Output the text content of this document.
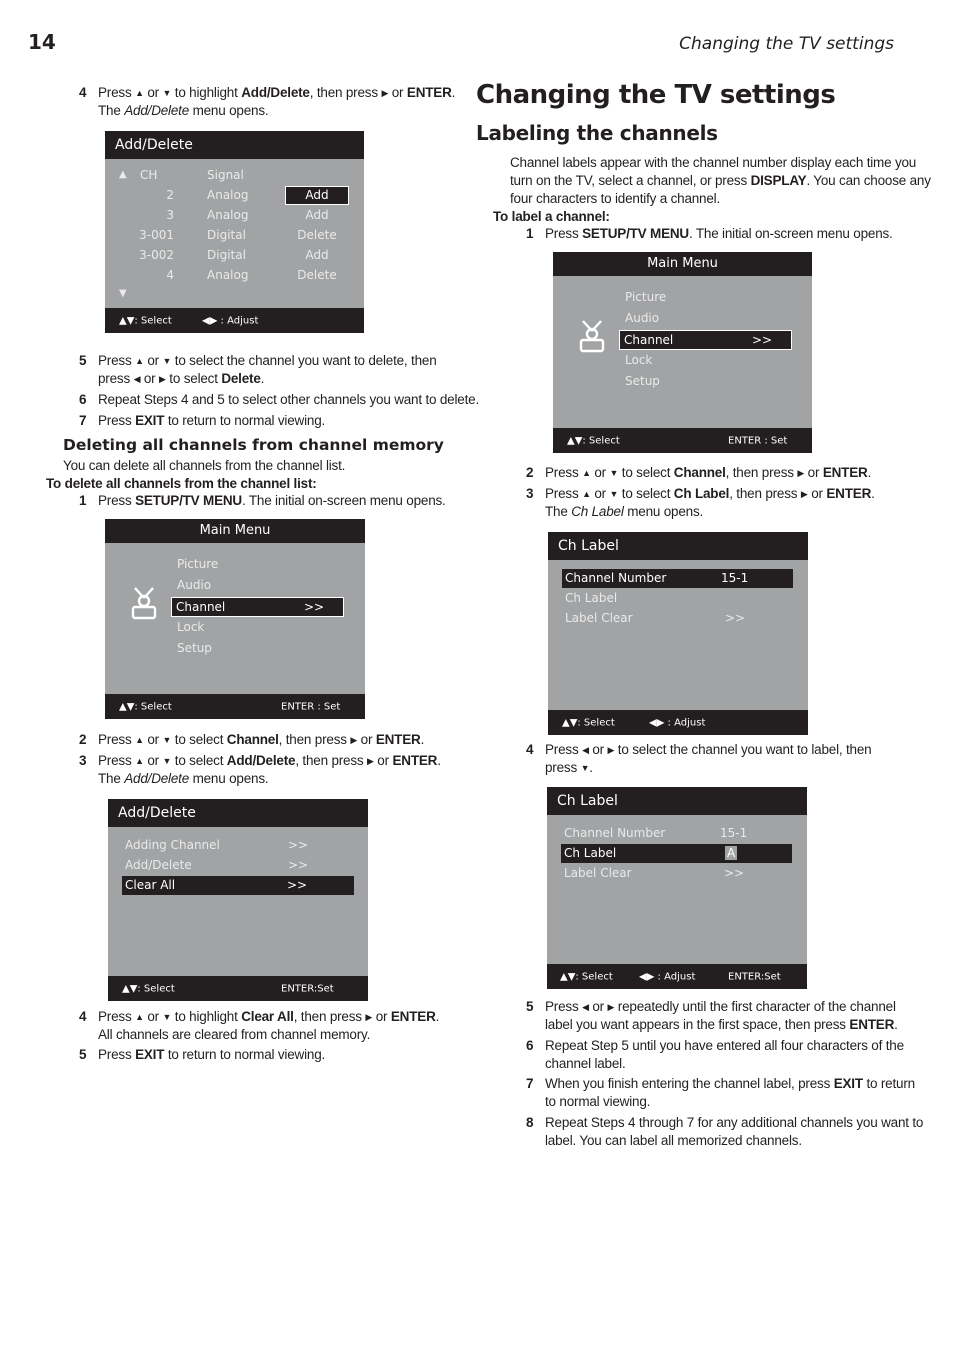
14	Changing the TV settings
4 Press ▲ or ▼ to highlight Add/Delete, then press ▶ or ENTER.
The Add/Delete menu opens.
Add/Delete
▲ CH	Signal
2	Analog	Add
3	Analog	Add
3-001	Digital	Delete
3-002	Digital	Add
4	Analog	Delete
▼
▲▼: Select	◀▶ : Adjust
5 Press ▲ or ▼ to select the channel you want to delete, then
press ◀ or ▶ to select Delete.
6 Repeat Steps 4 and 5 to select other channels you want to delete.
7 Press EXIT to return to normal viewing.
Deleting all channels from channel memory
You can delete all channels from the channel list.
To delete all channels from the channel list:
1 Press SETUP/TV MENU. The initial on-screen menu opens.
Main Menu
Picture
Audio
Channel	>>
Lock
Setup
▲▼: Select	ENTER : Set
2 Press ▲ or ▼ to select Channel, then press ▶ or ENTER.
3 Press ▲ or ▼ to select Add/Delete, then press ▶ or ENTER.
The Add/Delete menu opens.
Add/Delete
Adding Channel	>>
Add/Delete	>>
Clear All	>>
▲▼: Select	ENTER:Set
4 Press ▲ or ▼ to highlight Clear All, then press ▶ or ENTER.
All channels are cleared from channel memory.
5 Press EXIT to return to normal viewing.
Changing the TV settings
Labeling the channels
Channel labels appear with the channel number display each time you
turn on the TV, select a channel, or press DISPLAY. You can choose any
four characters to identify a channel.
To label a channel:
1 Press SETUP/TV MENU. The initial on-screen menu opens.
Main Menu
Picture
Audio
Channel	>>
Lock
Setup
▲▼: Select	ENTER : Set
2 Press ▲ or ▼ to select Channel, then press ▶ or ENTER.
3 Press ▲ or ▼ to select Ch Label, then press ▶ or ENTER.
The Ch Label menu opens.
Ch Label
Channel Number	15-1
Ch Label
Label Clear	>>
▲▼: Select	◀▶ : Adjust
4 Press ◀ or ▶ to select the channel you want to label, then
press ▼.
Ch Label
Channel Number	15-1
Ch Label	A
Label Clear	>>
▲▼: Select	◀▶ : Adjust	ENTER:Set
5 Press ◀ or ▶ repeatedly until the first character of the channel
label you want appears in the first space, then press ENTER.
6 Repeat Step 5 until you have entered all four characters of the
channel label.
7 When you finish entering the channel label, press EXIT to return
to normal viewing.
8 Repeat Steps 4 through 7 for any additional channels you want to
label. You can label all memorized channels.
